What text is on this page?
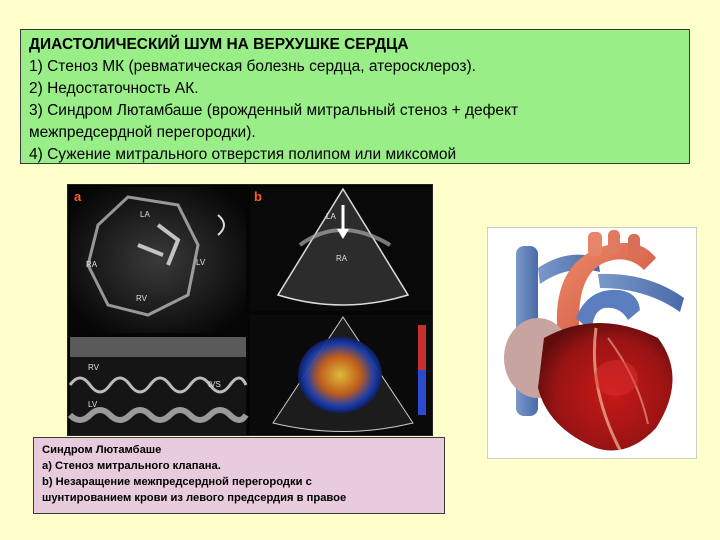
ДИАСТОЛИЧЕСКИЙ ШУМ НА ВЕРХУШКЕ СЕРДЦА
1) Стеноз МК (ревматическая болезнь сердца, атеросклероз).
2) Недостаточность АК.
3) Синдром Лютамбаше (врожденный митральный стеноз + дефект
межпредсердной перегородки).
4) Сужение митрального отверстия полипом или миксомой
a
LA
RA	LV
RV
RV
IVS
LV
b
RA
LA
Синдром Лютамбаше
a) Стеноз митрального клапана.
b) Незаращение межпредсердной перегородки с
шунтированием крови из левого предсердия в правое
